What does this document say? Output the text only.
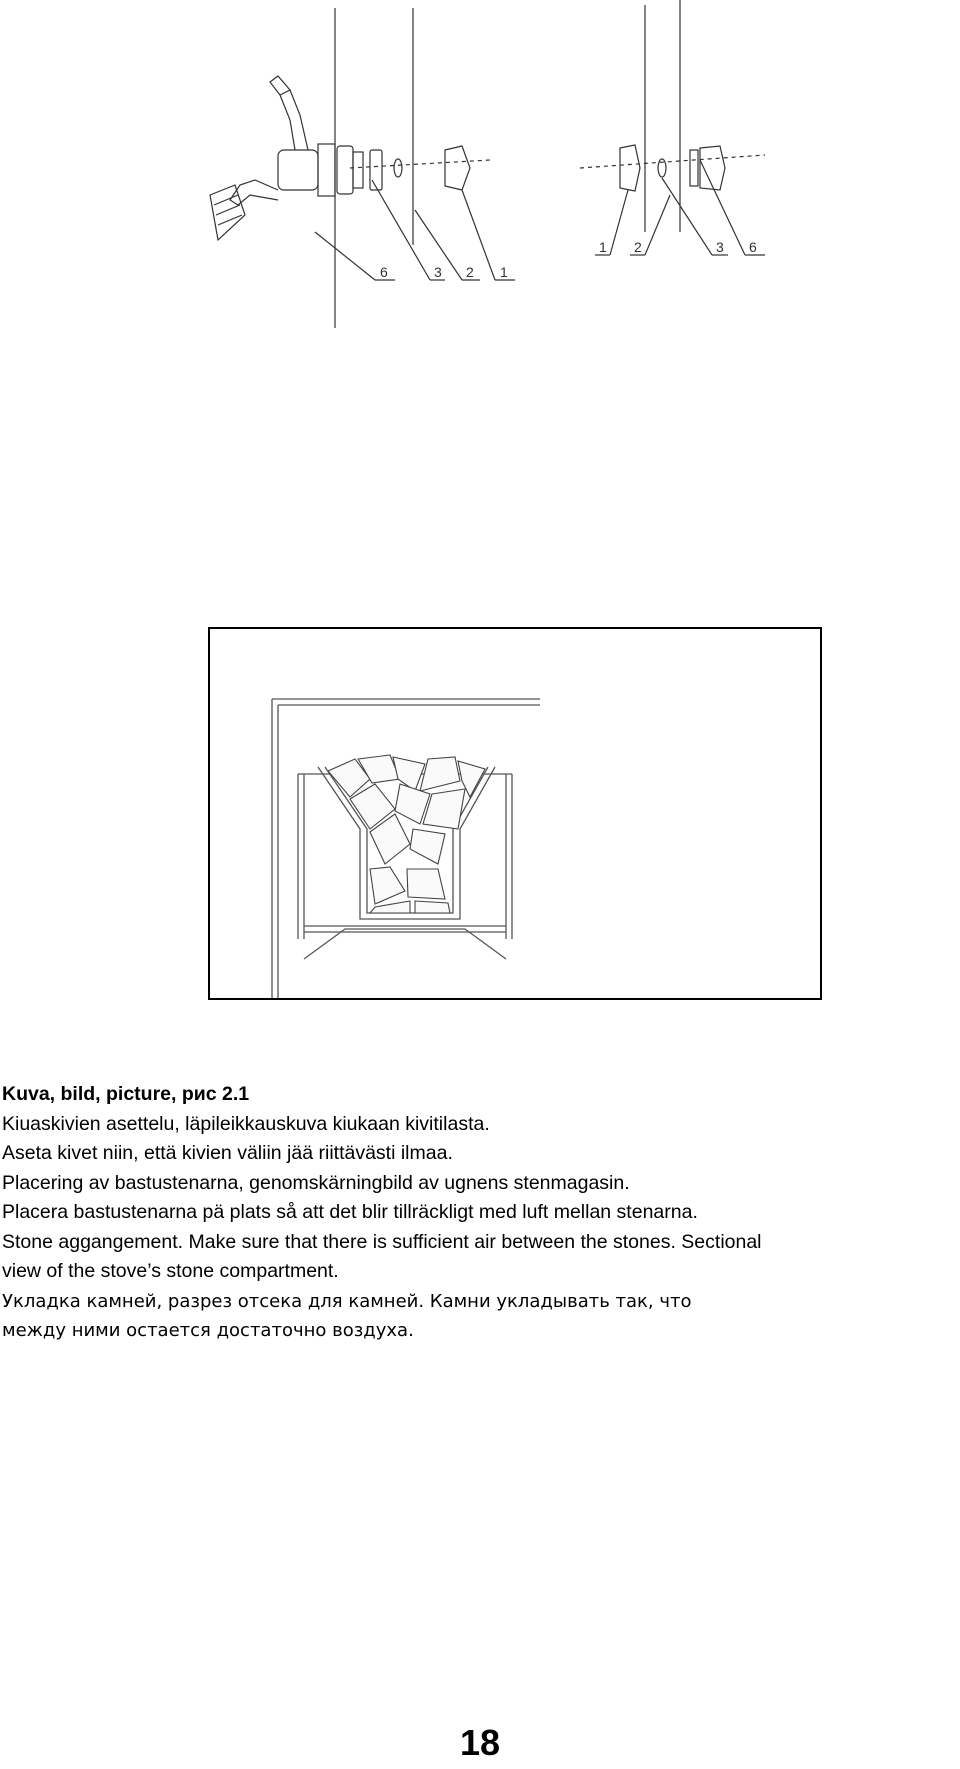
6	3 2 1
1 2	3 6
Kuva, bild, picture, рис 2.1
Kiuaskivien asettelu, läpileikkauskuva kiukaan kivitilasta.
Aseta kivet niin, että kivien väliin jää riittävästi ilmaa.
Placering av bastustenarna, genomskärningbild av ugnens stenmagasin.
Placera bastustenarna pä plats så att det blir tillräckligt med luft mellan stenarna.
Stone aggangement. Make sure that there is sufficient air between the stones. Sectional
view of the stove’s stone compartment.
Укладка камней, разрез отсека для камней. Камни укладывать так, что
между ними остается достаточно воздуха.
18
